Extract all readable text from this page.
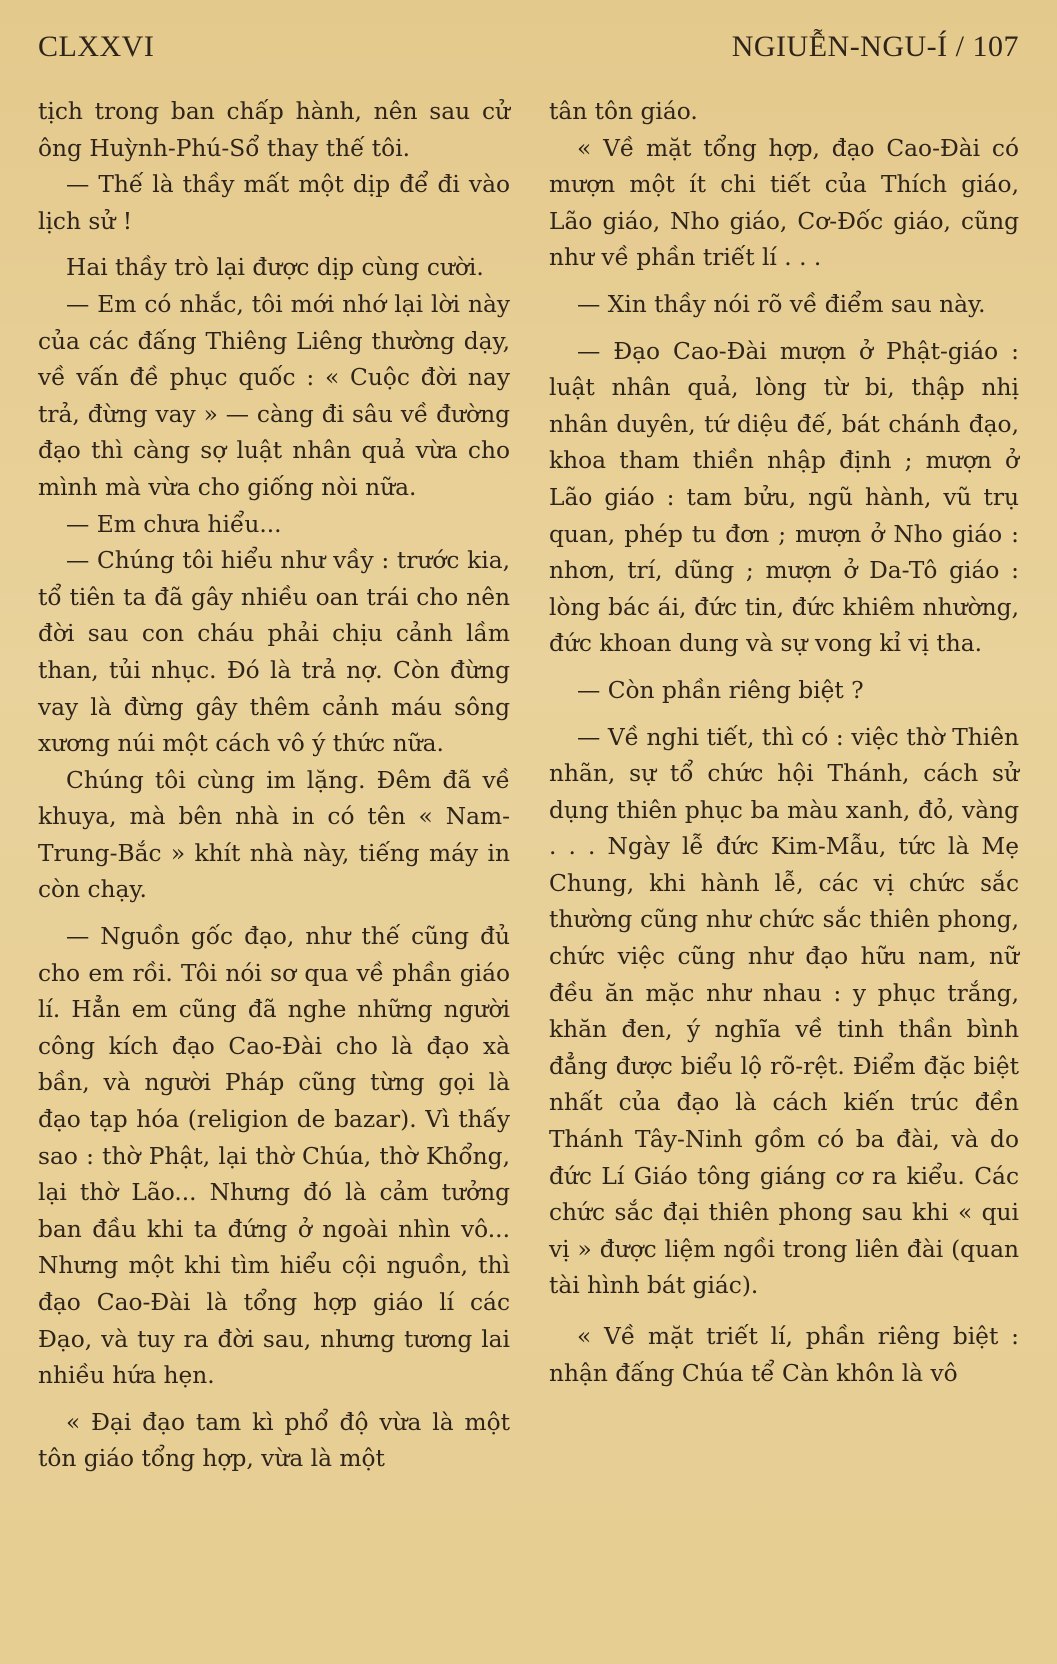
CLXXVI	NGIUỄN-NGU-Í / 107

tịch trong ban chấp hành, nên sau cử ông Huỳnh-Phú-Sổ thay thế tôi.

— Thế là thầy mất một dịp để đi vào lịch sử !

Hai thầy trò lại được dịp cùng cười.

— Em có nhắc, tôi mới nhớ lại lời này của các đấng Thiêng Liêng thường dạy, về vấn đề phục quốc : « Cuộc đời nay trả, đừng vay » — càng đi sâu về đường đạo thì càng sợ luật nhân quả vừa cho mình mà vừa cho giống nòi nữa.

— Em chưa hiểu...

— Chúng tôi hiểu như vầy : trước kia, tổ tiên ta đã gây nhiều oan trái cho nên đời sau con cháu phải chịu cảnh lầm than, tủi nhục. Đó là trả nợ. Còn đừng vay là đừng gây thêm cảnh máu sông xương núi một cách vô ý thức nữa.

Chúng tôi cùng im lặng. Đêm đã về khuya, mà bên nhà in có tên « Nam-Trung-Bắc » khít nhà này, tiếng máy in còn chạy.

— Nguồn gốc đạo, như thế cũng đủ cho em rồi. Tôi nói sơ qua về phần giáo lí. Hẳn em cũng đã nghe những người công kích đạo Cao-Đài cho là đạo xà bần, và người Pháp cũng từng gọi là đạo tạp hóa (religion de bazar). Vì thấy sao : thờ Phật, lại thờ Chúa, thờ Khổng, lại thờ Lão... Nhưng đó là cảm tưởng ban đầu khi ta đứng ở ngoài nhìn vô... Nhưng một khi tìm hiểu cội nguồn, thì đạo Cao-Đài là tổng hợp giáo lí các Đạo, và tuy ra đời sau, nhưng tương lai nhiều hứa hẹn.

« Đại đạo tam kì phổ độ vừa là một tôn giáo tổng hợp, vừa là một

tân tôn giáo.

« Về mặt tổng hợp, đạo Cao-Đài có mượn một ít chi tiết của Thích giáo, Lão giáo, Nho giáo, Cơ-Đốc giáo, cũng như về phần triết lí . . .

— Xin thầy nói rõ về điểm sau này.

— Đạo Cao-Đài mượn ở Phật-giáo : luật nhân quả, lòng từ bi, thập nhị nhân duyên, tứ diệu đế, bát chánh đạo, khoa tham thiền nhập định ; mượn ở Lão giáo : tam bửu, ngũ hành, vũ trụ quan, phép tu đơn ; mượn ở Nho giáo : nhơn, trí, dũng ; mượn ở Da-Tô giáo : lòng bác ái, đức tin, đức khiêm nhường, đức khoan dung và sự vong kỉ vị tha.

— Còn phần riêng biệt ?

— Về nghi tiết, thì có : việc thờ Thiên nhãn, sự tổ chức hội Thánh, cách sử dụng thiên phục ba màu xanh, đỏ, vàng . . . Ngày lễ đức Kim-Mẫu, tức là Mẹ Chung, khi hành lễ, các vị chức sắc thường cũng như chức sắc thiên phong, chức việc cũng như đạo hữu nam, nữ đều ăn mặc như nhau : y phục trắng, khăn đen, ý nghĩa về tinh thần bình đẳng được biểu lộ rõ-rệt. Điểm đặc biệt nhất của đạo là cách kiến trúc đền Thánh Tây-Ninh gồm có ba đài, và do đức Lí Giáo tông giáng cơ ra kiểu. Các chức sắc đại thiên phong sau khi « qui vị » được liệm ngồi trong liên đài (quan tài hình bát giác).

« Về mặt triết lí, phần riêng biệt : nhận đấng Chúa tể Càn khôn là vô
